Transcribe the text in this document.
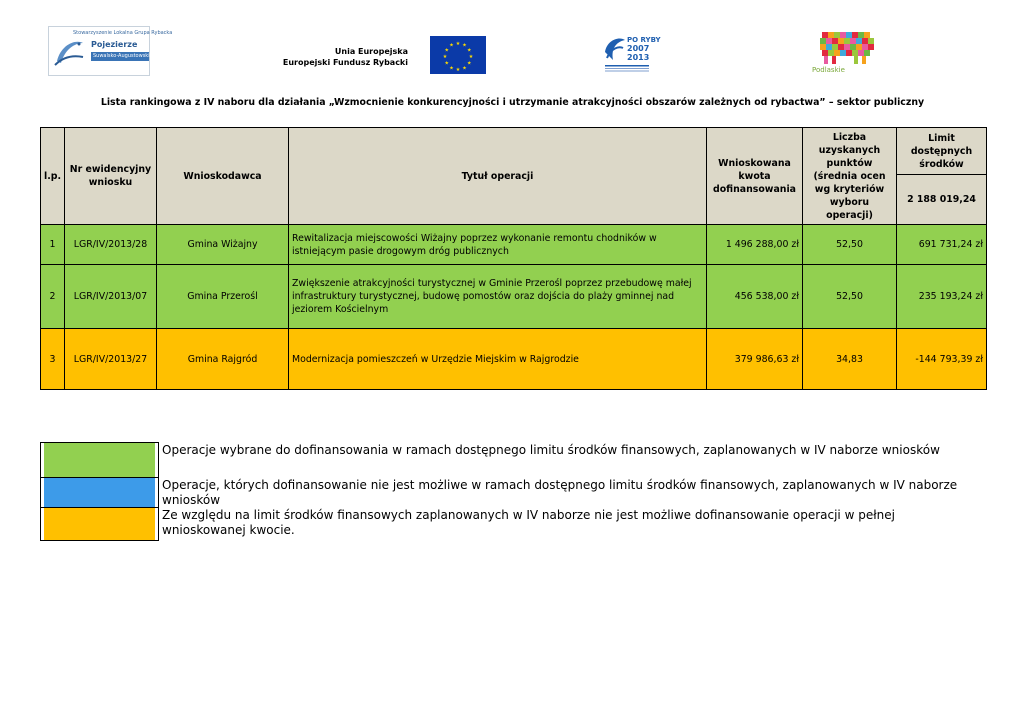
Stowarzyszenie Lokalna Grupa Rybacka
Pojezierze
Suwalsko-Augustowskie	Unia Europejska
Europejski Fundusz Rybacki
★ ★
★
★
★
★
★
★
★
★
★
★
PO RYBY
2007
2013
Podlaskie
Lista rankingowa z IV naboru dla działania „Wzmocnienie konkurencyjności i utrzymanie atrakcyjności obszarów zależnych od rybactwa” – sektor publiczny
l.p.	Nr ewidencyjny wniosku	Wnioskodawca	Tytuł operacji	Wnioskowana kwota dofinansowania	Liczba uzyskanych punktów (średnia ocen wg kryteriów wyboru operacji)	Limit dostępnych środków
						2 188 019,24
1	LGR/IV/2013/28	Gmina Wiżajny	Rewitalizacja miejscowości Wiżajny poprzez wykonanie remontu chodników w istniejącym pasie drogowym dróg publicznych	1 496 288,00 zł	52,50	691 731,24 zł
2	LGR/IV/2013/07	Gmina Przerośl	Zwiększenie atrakcyjności turystycznej w Gminie Przerośl poprzez przebudowę małej infrastruktury turystycznej, budowę pomostów oraz dojścia do plaży gminnej nad jeziorem Kościelnym	456 538,00 zł	52,50	235 193,24 zł
3	LGR/IV/2013/27	Gmina Rajgród	Modernizacja pomieszczeń w Urzędzie Miejskim w Rajgrodzie	379 986,63 zł	34,83	-144 793,39 zł
	Operacje wybrane do dofinansowania w ramach dostępnego limitu środków finansowych, zaplanowanych w IV naborze wniosków

	Operacje, których dofinansowanie nie jest możliwe w ramach dostępnego limitu środków finansowych, zaplanowanych w IV naborze wniosków

	Ze względu na limit środków finansowych zaplanowanych w IV naborze nie jest możliwe dofinansowanie operacji w pełnej wnioskowanej kwocie.
